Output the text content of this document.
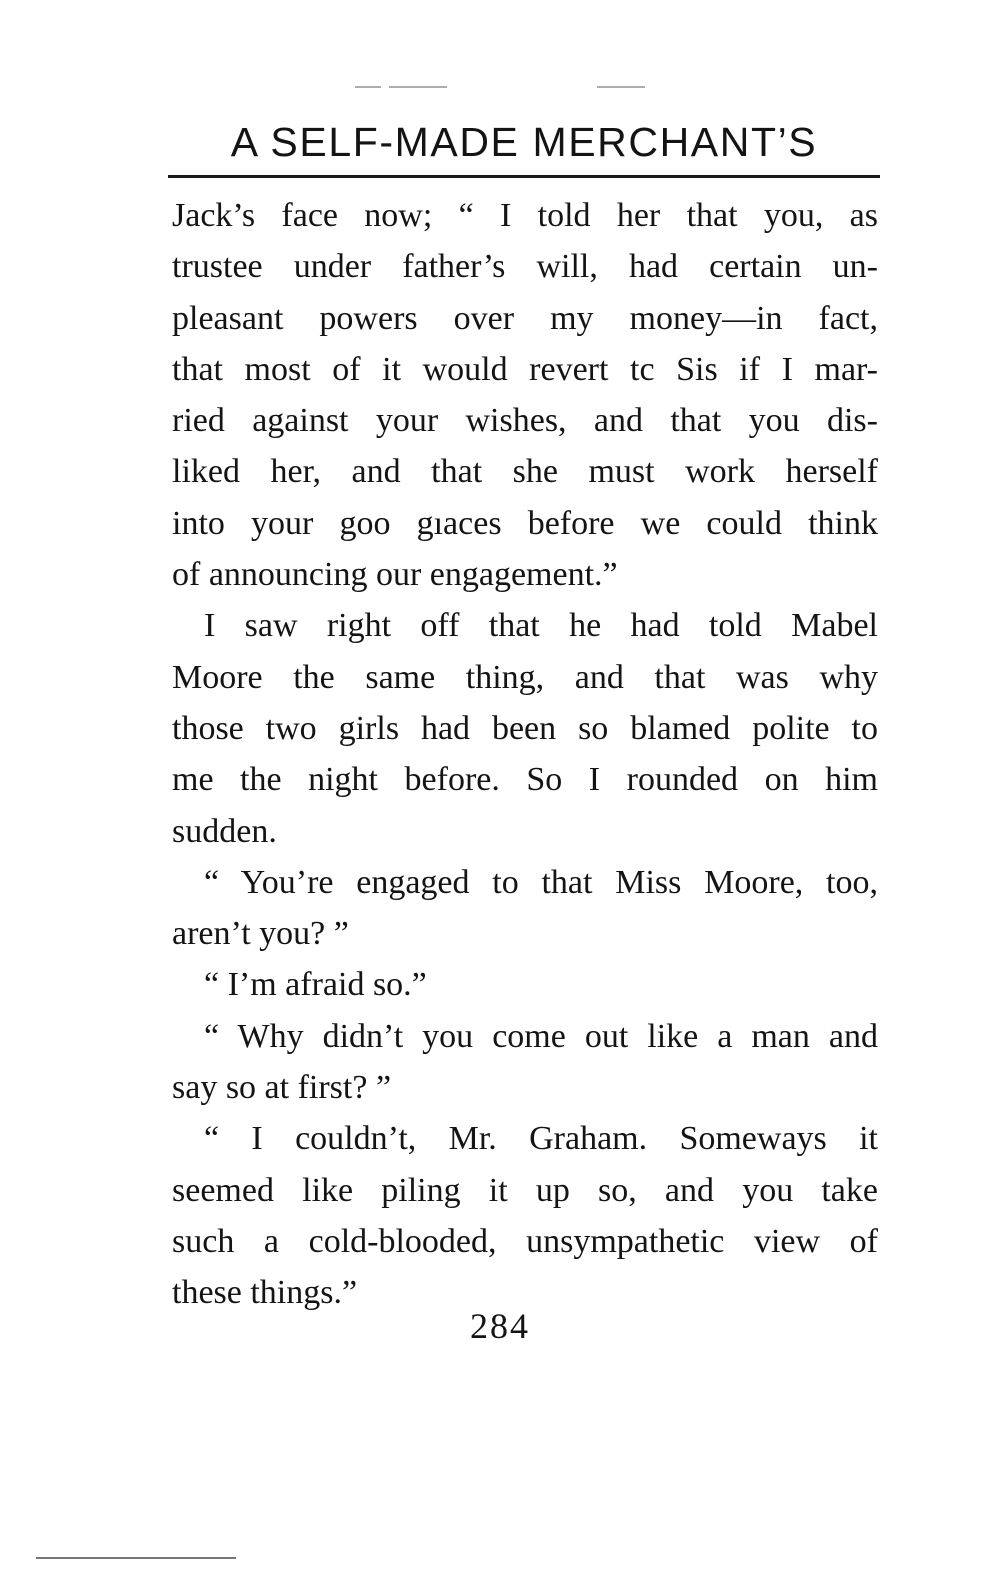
A SELF-MADE MERCHANT’S
Jack’s face now; “ I told her that you, as
trustee under father’s will, had certain un-
pleasant powers over my money—in fact,
that most of it would revert tc Sis if I mar-
ried against your wishes, and that you dis-
liked her, and that she must work herself
into your goo gıaces before we could think
of announcing our engagement.”
I saw right off that he had told Mabel
Moore the same thing, and that was why
those two girls had been so blamed polite to
me the night before. So I rounded on him
sudden.
“ You’re engaged to that Miss Moore, too,
aren’t you? ”
“ I’m afraid so.”
“ Why didn’t you come out like a man and
say so at first? ”
“ I couldn’t, Mr. Graham. Someways it
seemed like piling it up so, and you take
such a cold-blooded, unsympathetic view of
these things.”
284
